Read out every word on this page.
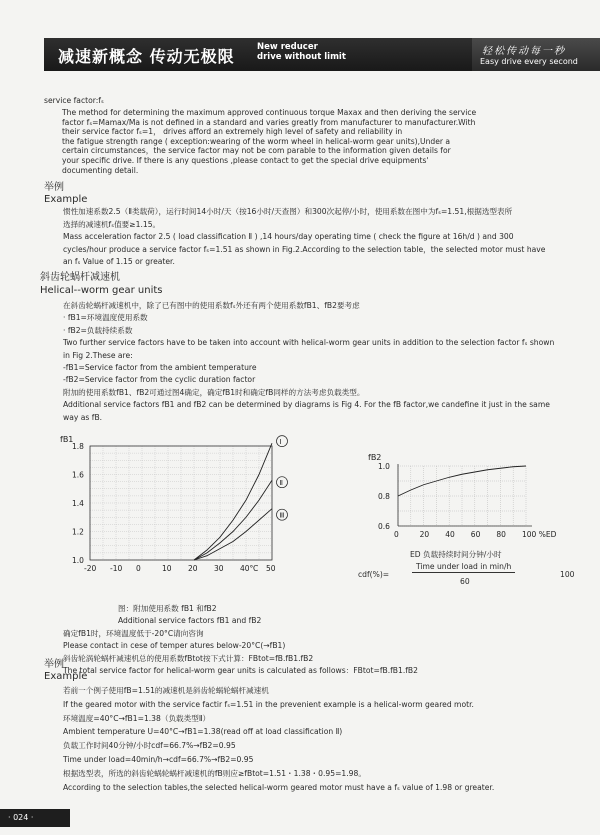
减速新概念 传动无极限	New reducer
drive without limit	轻松传动每一秒
Easy drive every second
service factor:fₛ
The method for determining the maximum approved continuous torque Maxax and then deriving the service
factor fₛ=Mamax/Ma is not defined in a standard and varies greatly from manufacturer to manufacturer.With
their service factor fₛ=1， drives afford an extremely high level of safety and reliability in
the fatigue strength range ( exception:wearing of the worm wheel in helical-worm gear units),Under a
certain circumstances，the service factor may not be com parable to the information given details for
your specific drive. If there is any questions ,please contact to get the special drive equipments'
documenting detail.
举例
Example
惯性加速系数2.5（Ⅱ类载荷），运行时间14小时/天（按16小时/天查图）和300次起停/小时，使用系数在图中为fₛ=1.51,根据选型表所
选择的减速机fₛ值要≥1.15。
Mass acceleration factor 2.5 ( load classification Ⅱ ) ,14 hours/day operating time ( check the figure at 16h/d ) and 300
cycles/hour produce a service factor fₛ=1.51 as shown in Fig.2.According to the selection table，the selected motor must have
an fₛ Value of 1.15 or greater.
斜齿轮蜗杆减速机
Helical--worm gear units
在斜齿轮蜗杆减速机中，除了已有图中的使用系数fₛ外还有两个使用系数fB1、fB2要考虑
· fB1=环境温度使用系数
· fB2=负载持续系数
Two further service factors have to be taken into account with helical-worm gear units in addition to the selection factor fₛ shown
in Fig 2.These are:
-fB1=Service factor from the ambient temperature
-fB2=Service factor from the cyclic duration factor
附加的使用系数fB1、fB2可通过图4确定，确定fB1时和确定fB同样的方法考虑负载类型。
Additional service factors fB1 and fB2 can be determined by diagrams is Fig 4. For the fB factor,we candefine it just in the same
way as fB.
fB1
1.0
1.2
1.4
1.6
1.8
-20 -10 0	10 20 30 40° C 50
Ⅰ
Ⅱ
Ⅲ
图：附加使用系数 fB1 和fB2
Additional service factors fB1 and fB2
fB2
0.6
0.8
1.0
0	20 40 60 80 100 %ED
ED 负载持续时间分钟/小时
cdf(%)=
Time under load in min/h
60
100
确定fB1时，环境温度低于-20°C请向咨询
Please contact in cese of temper atures below-20°C(→fB1)
斜齿轮涡轮蜗杆减速机总的使用系数fBtot按下式计算：FBtot=fB.fB1.fB2
The total service factor for helical-worm gear units is calculated as follows：FBtot=fB.fB1.fB2
举例
Example
若前一个例子使用fB=1.51的减速机是斜齿轮蜗轮蜗杆减速机
If the geared motor with the service factir fₛ=1.51 in the prevenient example is a helical-worm geared motr.
环境温度=40°C→fB1=1.38（负载类型Ⅱ）
Ambient temperature U=40°C→fB1=1.38(read off at load classification Ⅱ)
负载工作时间40分钟/小时cdf=66.7%→fB2=0.95
Time under load=40min/h→cdf=66.7%→fB2=0.95
根据选型表，所选的斜齿轮蜗轮蜗杆减速机的fB则应≥fBtot=1.51・1.38・0.95=1.98。
According to the selection tables,the selected helical-worm geared motor must have a fₛ value of 1.98 or greater.
· 024 ·
